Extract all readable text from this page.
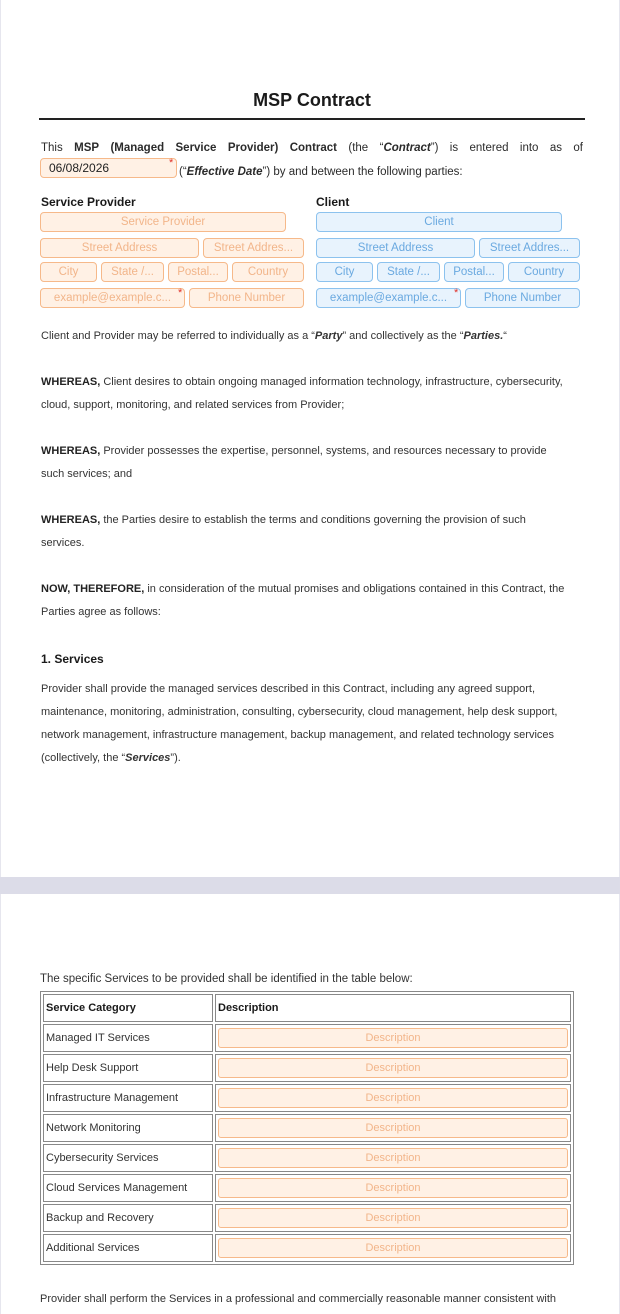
MSP Contract
This MSP (Managed Service Provider) Contract (the “Contract”) is entered into as of
06/08/2026	*
(“Effective Date”) by and between the following parties:
Service Provider
Service Provider
Street Address	Street Addres...
City	State /...	Postal...	Country
example@example.c... *	Phone Number
Client
Client
Street Address	Street Addres...
City	State /...	Postal...	Country
example@example.c... *	Phone Number
Client and Provider may be referred to individually as a “Party” and collectively as the “Parties.“
WHEREAS, Client desires to obtain ongoing managed information technology, infrastructure, cybersecurity,
cloud, support, monitoring, and related services from Provider;
WHEREAS, Provider possesses the expertise, personnel, systems, and resources necessary to provide
such services; and
WHEREAS, the Parties desire to establish the terms and conditions governing the provision of such
services.
NOW, THEREFORE, in consideration of the mutual promises and obligations contained in this Contract, the
Parties agree as follows:
1. Services
Provider shall provide the managed services described in this Contract, including any agreed support,
maintenance, monitoring, administration, consulting, cybersecurity, cloud management, help desk support,
network management, infrastructure management, backup management, and related technology services
(collectively, the “Services”).
The specific Services to be provided shall be identified in the table below:
Service Category	Description
Managed IT Services	Description

Help Desk Support	Description

Infrastructure Management	Description

Network Monitoring	Description

Cybersecurity Services	Description

Cloud Services Management	Description

Backup and Recovery	Description

Additional Services	Description
Provider shall perform the Services in a professional and commercially reasonable manner consistent with
